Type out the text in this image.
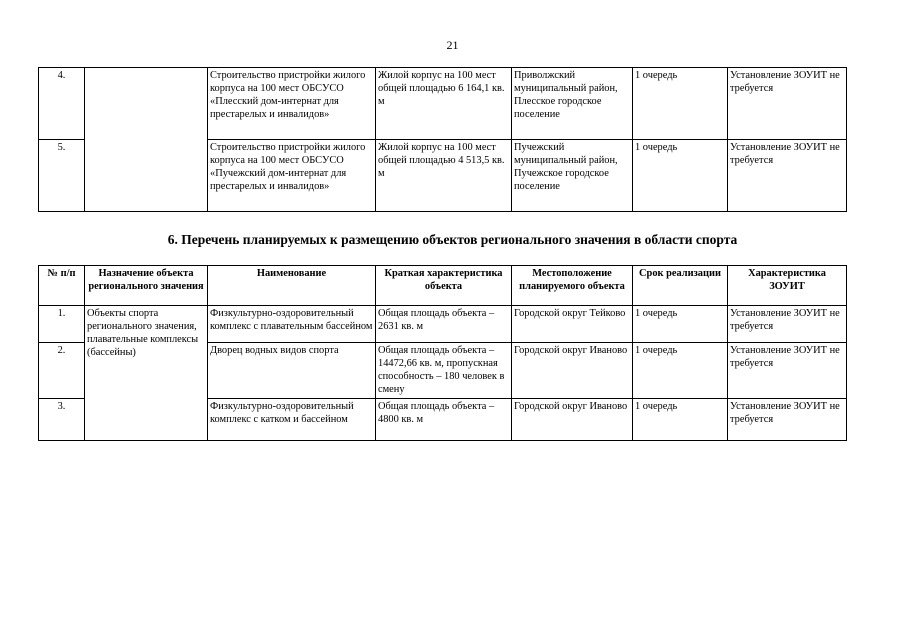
21
4.		Строительство пристройки жилого корпуса на 100 мест ОБСУСО «Плесский дом-интернат для престарелых и инвалидов»	Жилой корпус на 100 мест общей площадью 6 164,1 кв. м	Приволжский муниципальный район, Плесское городское поселение	1 очередь	Установление ЗОУИТ не требуется
5.		Строительство пристройки жилого корпуса на 100 мест ОБСУСО «Пучежский дом-интернат для престарелых и инвалидов»	Жилой корпус на 100 мест общей площадью 4 513,5 кв. м	Пучежский муниципальный район, Пучежское городское поселение	1 очередь	Установление ЗОУИТ не требуется
6. Перечень планируемых к размещению объектов регионального значения в области спорта
№ п/п	Назначение объекта регионального значения	Наименование	Краткая характеристика объекта	Местоположение планируемого объекта	Срок реализации	Характеристика ЗОУИТ
1.	Объекты спорта регионального значения, плавательные комплексы (бассейны)	Физкультурно-оздоровительный комплекс с плавательным бассейном	Общая площадь объекта – 2631 кв. м	Городской округ Тейково	1 очередь	Установление ЗОУИТ не требуется
2.		Дворец водных видов спорта	Общая площадь объекта – 14472,66 кв. м, пропускная способность – 180 человек в смену	Городской округ Иваново	1 очередь	Установление ЗОУИТ не требуется
3.		Физкультурно-оздоровительный комплекс с катком и бассейном	Общая площадь объекта – 4800 кв. м	Городской округ Иваново	1 очередь	Установление ЗОУИТ не требуется
